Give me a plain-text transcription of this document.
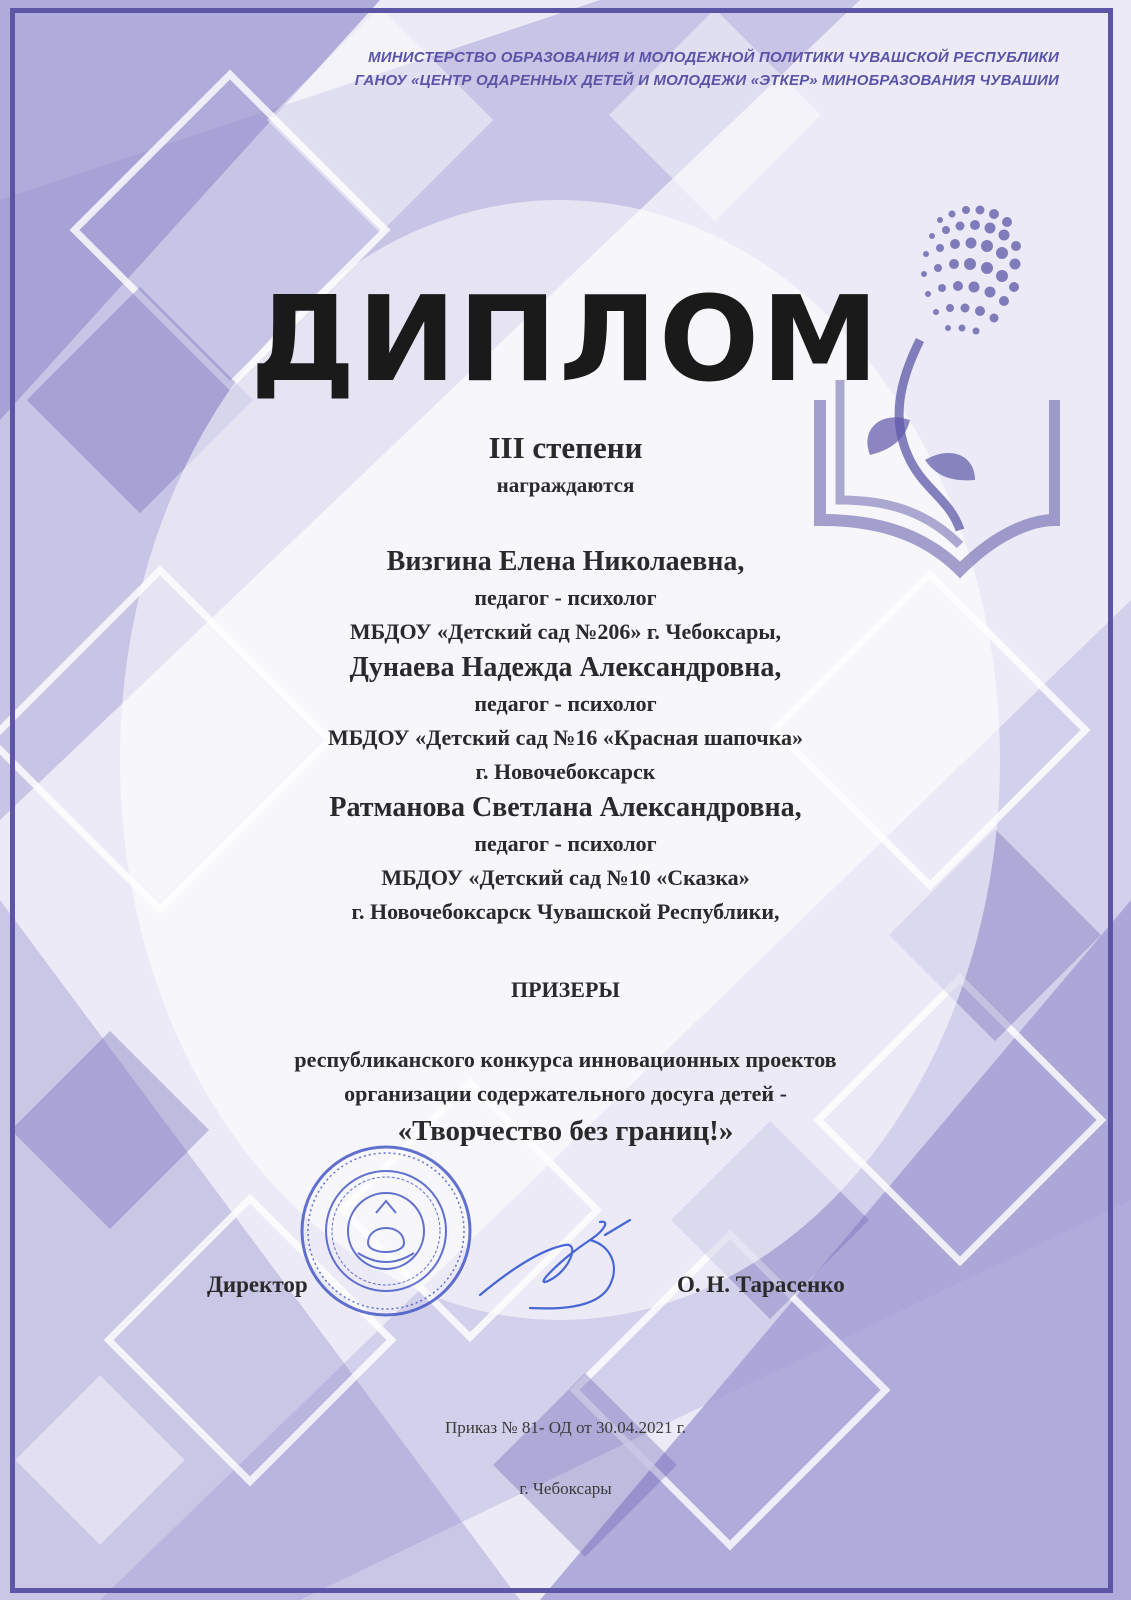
МИНИСТЕРСТВО ОБРАЗОВАНИЯ И МОЛОДЕЖНОЙ ПОЛИТИКИ ЧУВАШСКОЙ РЕСПУБЛИКИ
ГАНОУ «ЦЕНТР ОДАРЕННЫХ ДЕТЕЙ И МОЛОДЕЖИ «ЭТКЕР» МИНОБРАЗОВАНИЯ ЧУВАШИИ
ДИПЛОМ
III степени
награждаются
Визгина Елена Николаевна,
педагог - психолог
МБДОУ «Детский сад №206» г. Чебоксары,
Дунаева Надежда Александровна,
педагог - психолог
МБДОУ «Детский сад №16 «Красная шапочка»
г. Новочебоксарск
Ратманова Светлана Александровна,
педагог - психолог
МБДОУ «Детский сад №10 «Сказка»
г. Новочебоксарск Чувашской Республики,
ПРИЗЕРЫ
республиканского конкурса инновационных проектов
организации содержательного досуга детей -
«Творчество без границ!»
Директор	О. Н. Тарасенко
Приказ № 81- ОД от 30.04.2021 г.
г. Чебоксары
